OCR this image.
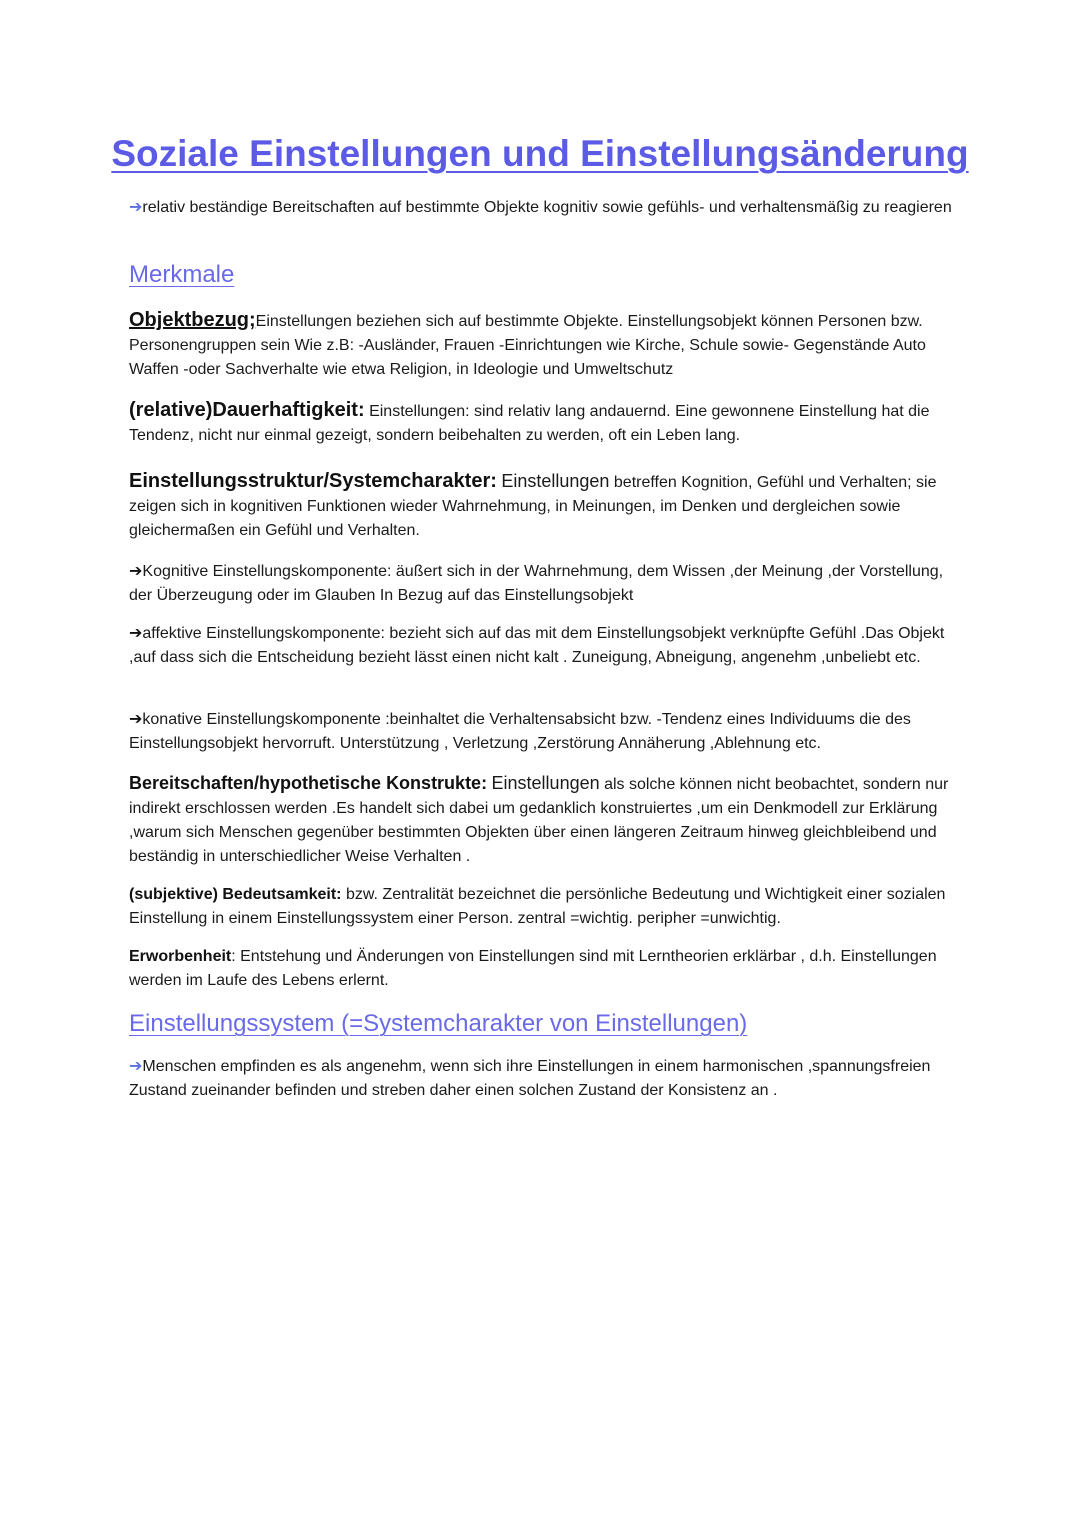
Soziale Einstellungen und Einstellungsänderung
➔relativ beständige Bereitschaften auf bestimmte Objekte kognitiv sowie gefühls- und verhaltensmäßig zu reagieren
Merkmale
Objektbezug;Einstellungen beziehen sich auf bestimmte Objekte. Einstellungsobjekt können Personen bzw. Personengruppen sein Wie z.B: -Ausländer, Frauen -Einrichtungen wie Kirche, Schule sowie- Gegenstände Auto Waffen -oder Sachverhalte wie etwa Religion, in Ideologie und Umweltschutz
(relative)Dauerhaftigkeit: Einstellungen: sind relativ lang andauernd. Eine gewonnene Einstellung hat die Tendenz, nicht nur einmal gezeigt, sondern beibehalten zu werden, oft ein Leben lang.
Einstellungsstruktur/Systemcharakter: Einstellungen betreffen Kognition, Gefühl und Verhalten; sie zeigen sich in kognitiven Funktionen wieder Wahrnehmung, in Meinungen, im Denken und dergleichen sowie gleichermaßen ein Gefühl und Verhalten.
➔Kognitive Einstellungskomponente: äußert sich in der Wahrnehmung, dem Wissen ,der Meinung ,der Vorstellung, der Überzeugung oder im Glauben In Bezug auf das Einstellungsobjekt
➔affektive Einstellungskomponente: bezieht sich auf das mit dem Einstellungsobjekt verknüpfte Gefühl .Das Objekt ,auf dass sich die Entscheidung bezieht lässt einen nicht kalt . Zuneigung, Abneigung, angenehm ,unbeliebt etc.
➔konative Einstellungskomponente :beinhaltet die Verhaltensabsicht bzw. -Tendenz eines Individuums die des Einstellungsobjekt hervorruft. Unterstützung , Verletzung ,Zerstörung Annäherung ,Ablehnung etc.
Bereitschaften/hypothetische Konstrukte: Einstellungen als solche können nicht beobachtet, sondern nur indirekt erschlossen werden .Es handelt sich dabei um gedanklich konstruiertes ,um ein Denkmodell zur Erklärung ,warum sich Menschen gegenüber bestimmten Objekten über einen längeren Zeitraum hinweg gleichbleibend und beständig in unterschiedlicher Weise Verhalten .
(subjektive) Bedeutsamkeit: bzw. Zentralität bezeichnet die persönliche Bedeutung und Wichtigkeit einer sozialen Einstellung in einem Einstellungssystem einer Person. zentral =wichtig. peripher =unwichtig.
Erworbenheit: Entstehung und Änderungen von Einstellungen sind mit Lerntheorien erklärbar , d.h. Einstellungen werden im Laufe des Lebens erlernt.
Einstellungssystem (=Systemcharakter von Einstellungen)
➔Menschen empfinden es als angenehm, wenn sich ihre Einstellungen in einem harmonischen ,spannungsfreien Zustand zueinander befinden und streben daher einen solchen Zustand der Konsistenz an .
